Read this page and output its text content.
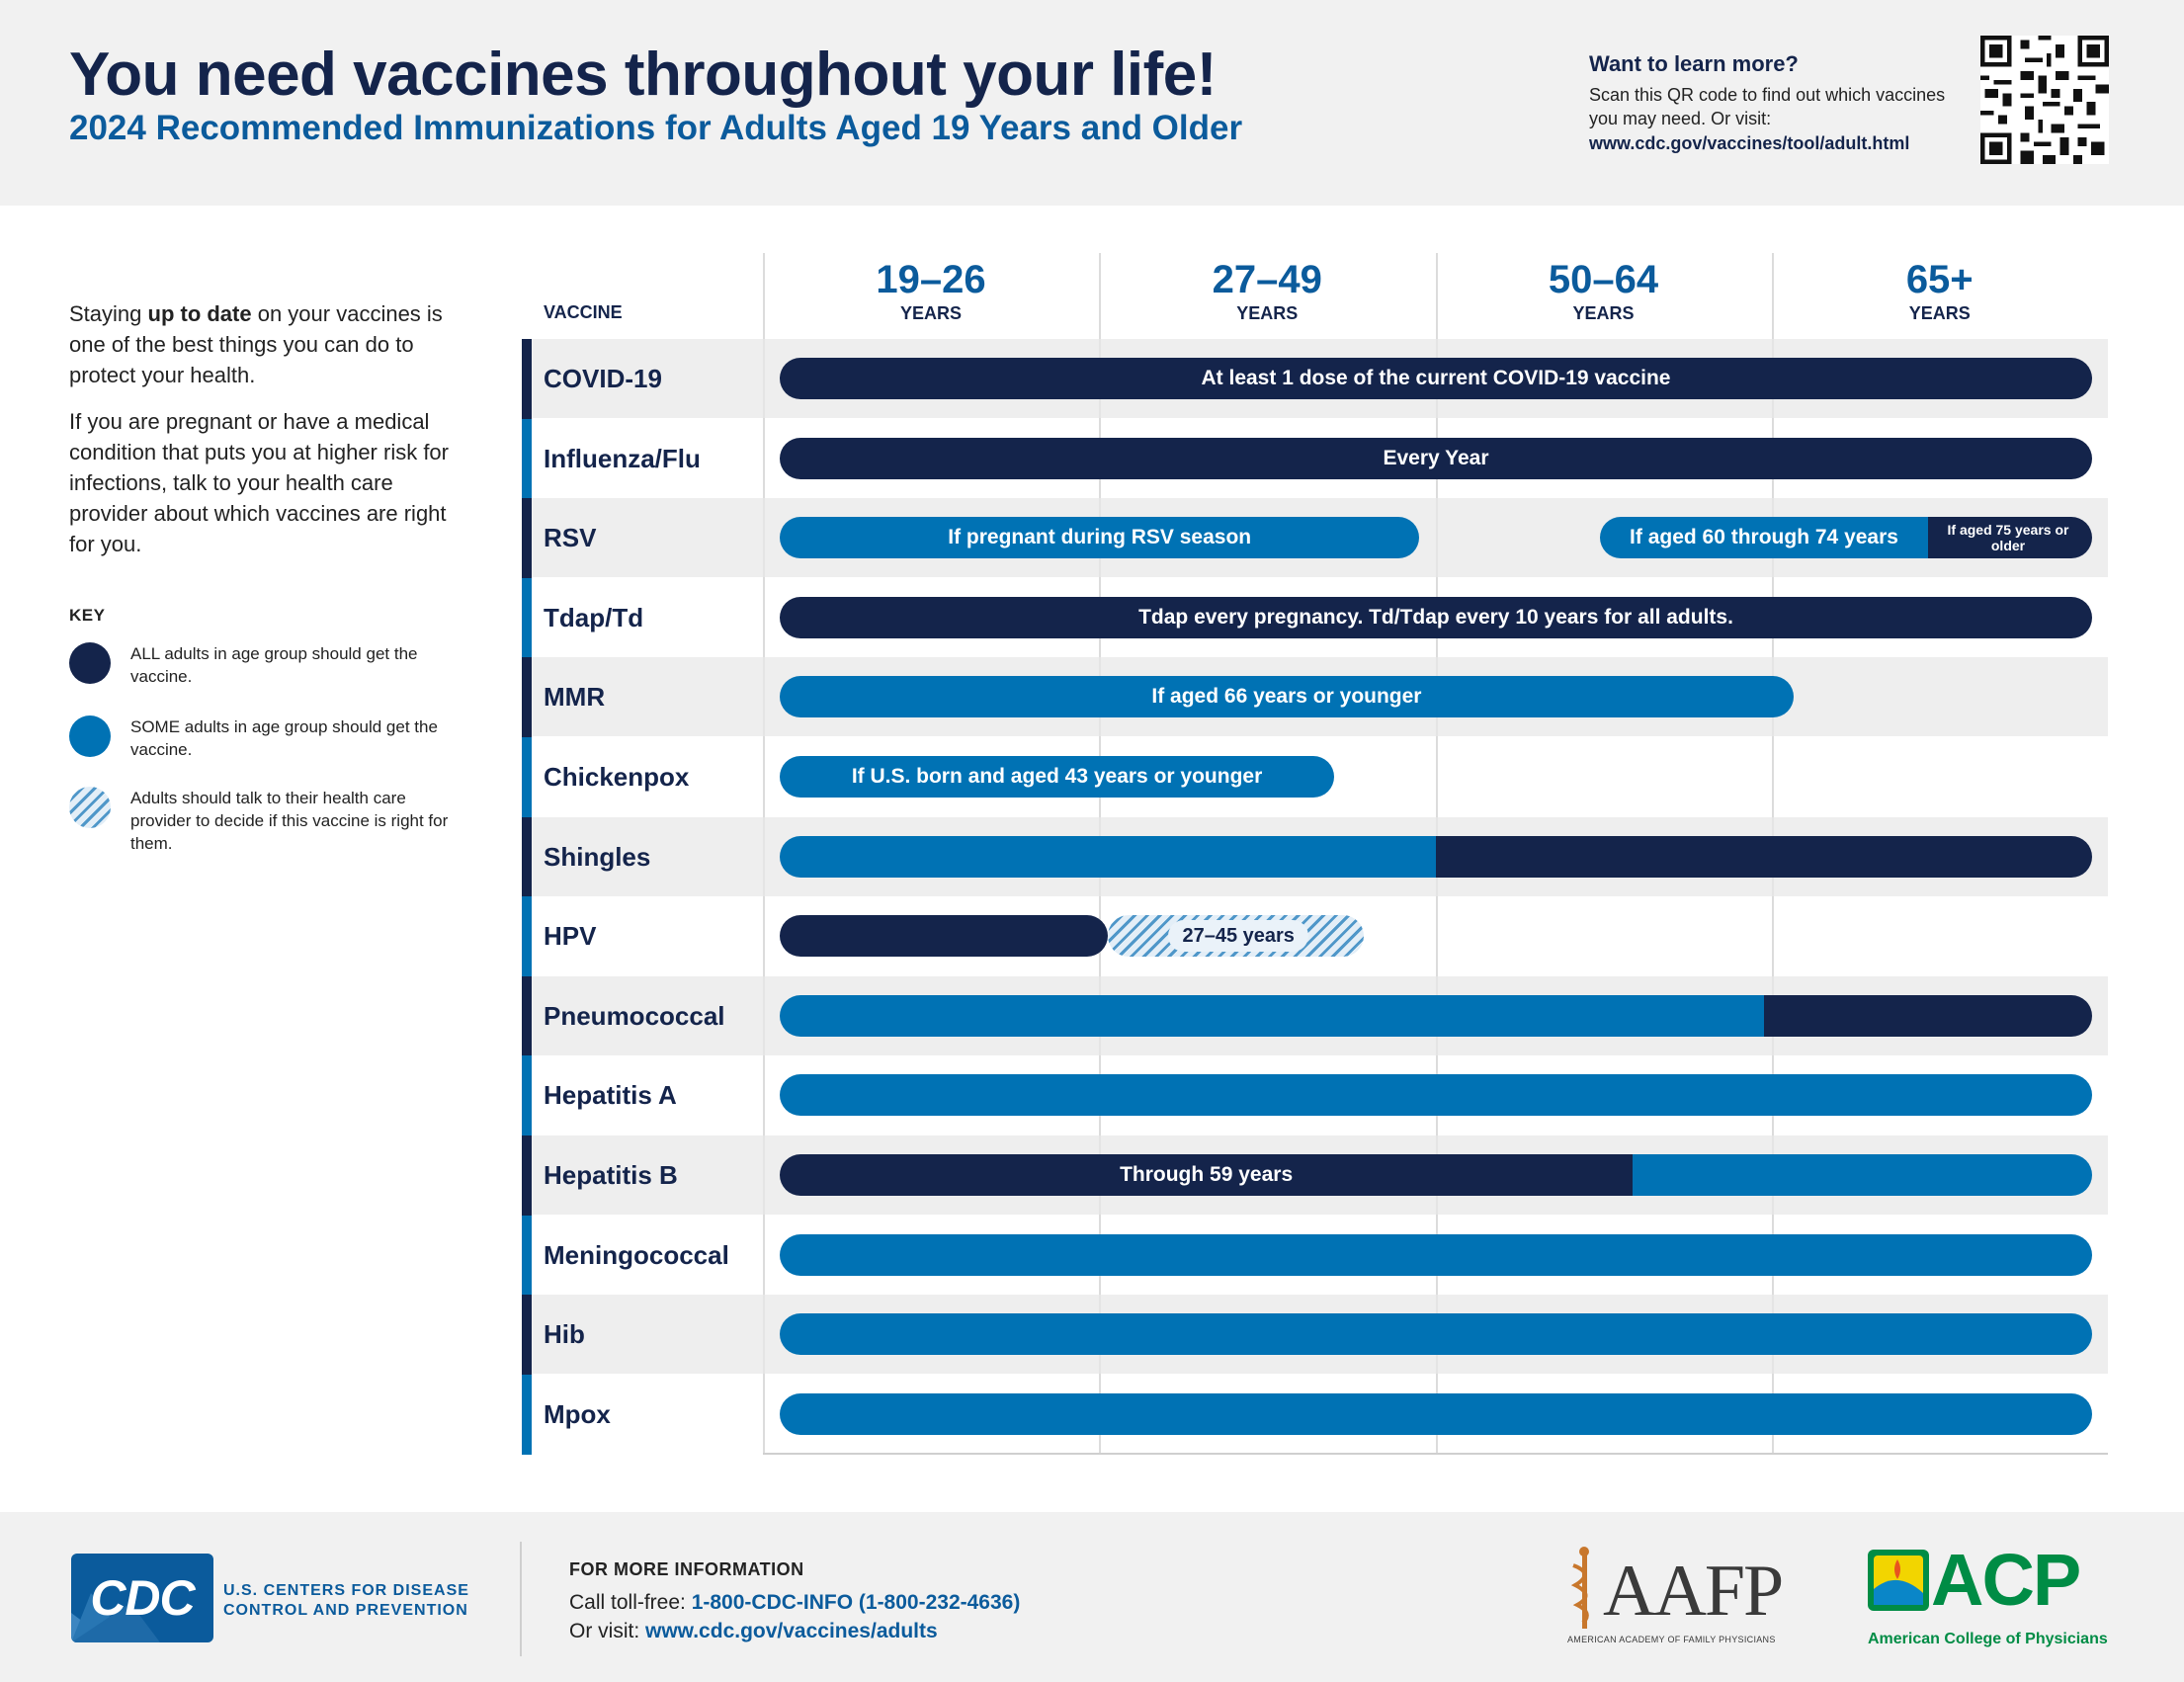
You need vaccines throughout your life!
2024 Recommended Immunizations for Adults Aged 19 Years and Older
Want to learn more?
Scan this QR code to find out which vaccines you may need. Or visit:
www.cdc.gov/vaccines/tool/adult.html

Staying up to date on your vaccines is one of the best things you can do to protect your health.

If you are pregnant or have a medical condition that puts you at higher risk for infections, talk to your health care provider about which vaccines are right for you.

KEY
ALL adults in age group should get the vaccine.
SOME adults in age group should get the vaccine.
Adults should talk to their health care provider to decide if this vaccine is right for them.
VACCINE
19–26
YEARS
27–49
YEARS
50–64
YEARS
65+
YEARS
COVID-19	At least 1 dose of the current COVID-19 vaccine
Influenza/Flu	Every Year
RSV	If pregnant during RSV season	If aged 60 through 74 years	If aged 75 years or older
Tdap/Td	Tdap every pregnancy. Td/Tdap every 10 years for all adults.
MMR	If aged 66 years or younger
Chickenpox	If U.S. born and aged 43 years or younger
Shingles
HPV	27–45 years
Pneumococcal
Hepatitis A
Hepatitis B	Through 59 years
Meningococcal
Hib
Mpox
CDC	U.S. CENTERS FOR DISEASE
CONTROL AND PREVENTION
FOR MORE INFORMATION
Call toll-free: 1-800-CDC-INFO (1-800-232-4636)
Or visit: www.cdc.gov/vaccines/adults	AAFP
AMERICAN ACADEMY OF FAMILY PHYSICIANS
ACP
American College of Physicians
